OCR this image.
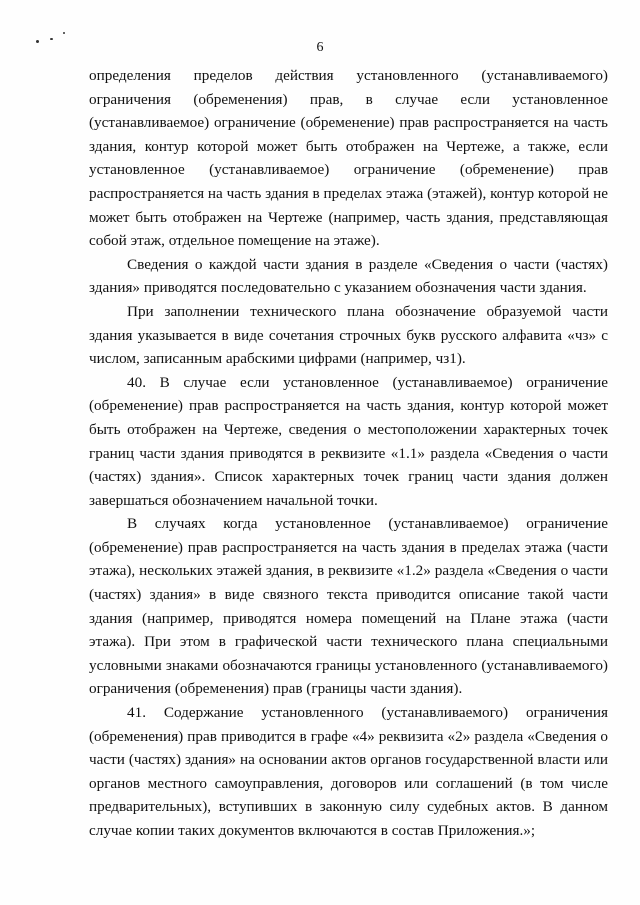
6

определения пределов действия установленного (устанавливаемого) ограничения (обременения) прав, в случае если установленное (устанавливаемое) ограничение (обременение) прав распространяется на часть здания, контур которой может быть отображен на Чертеже, а также, если установленное (устанавливаемое) ограничение (обременение) прав распространяется на часть здания в пределах этажа (этажей), контур которой не может быть отображен на Чертеже (например, часть здания, представляющая собой этаж, отдельное помещение на этаже).

Сведения о каждой части здания в разделе «Сведения о части (частях) здания» приводятся последовательно с указанием обозначения части здания.

При заполнении технического плана обозначение образуемой части здания указывается в виде сочетания строчных букв русского алфавита «чз» с числом, записанным арабскими цифрами (например, чз1).

40. В случае если установленное (устанавливаемое) ограничение (обременение) прав распространяется на часть здания, контур которой может быть отображен на Чертеже, сведения о местоположении характерных точек границ части здания приводятся в реквизите «1.1» раздела «Сведения о части (частях) здания». Список характерных точек границ части здания должен завершаться обозначением начальной точки.

В случаях когда установленное (устанавливаемое) ограничение (обременение) прав распространяется на часть здания в пределах этажа (части этажа), нескольких этажей здания, в реквизите «1.2» раздела «Сведения о части (частях) здания» в виде связного текста приводится описание такой части здания (например, приводятся номера помещений на Плане этажа (части этажа). При этом в графической части технического плана специальными условными знаками обозначаются границы установленного (устанавливаемого) ограничения (обременения) прав (границы части здания).

41. Содержание установленного (устанавливаемого) ограничения (обременения) прав приводится в графе «4» реквизита «2» раздела «Сведения о части (частях) здания» на основании актов органов государственной власти или органов местного самоуправления, договоров или соглашений (в том числе предварительных), вступивших в законную силу судебных актов. В данном случае копии таких документов включаются в состав Приложения.»;
